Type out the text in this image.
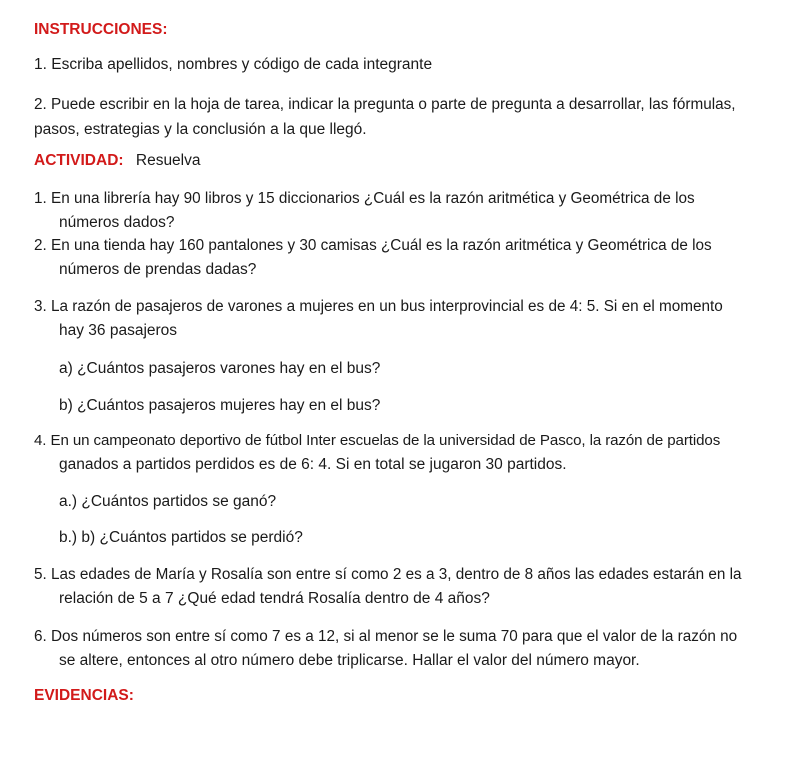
INSTRUCCIONES:
1. Escriba apellidos, nombres y código de cada integrante
2. Puede escribir en la hoja de tarea, indicar la pregunta o parte de pregunta a desarrollar, las fórmulas,
pasos, estrategias y la conclusión a la que llegó.
ACTIVIDAD: Resuelva
1. En una librería hay 90 libros y 15 diccionarios ¿Cuál es la razón aritmética y Geométrica de los
números dados?
2. En una tienda hay 160 pantalones y 30 camisas ¿Cuál es la razón aritmética y Geométrica de los
números de prendas dadas?
3. La razón de pasajeros de varones a mujeres en un bus interprovincial es de 4: 5. Si en el momento
hay 36 pasajeros
a) ¿Cuántos pasajeros varones hay en el bus?
b) ¿Cuántos pasajeros mujeres hay en el bus?
4. En un campeonato deportivo de fútbol Inter escuelas de la universidad de Pasco, la razón de partidos
ganados a partidos perdidos es de 6: 4. Si en total se jugaron 30 partidos.
a.) ¿Cuántos partidos se ganó?
b.) b) ¿Cuántos partidos se perdió?
5. Las edades de María y Rosalía son entre sí como 2 es a 3, dentro de 8 años las edades estarán en la
relación de 5 a 7 ¿Qué edad tendrá Rosalía dentro de 4 años?
6. Dos números son entre sí como 7 es a 12, si al menor se le suma 70 para que el valor de la razón no
se altere, entonces al otro número debe triplicarse. Hallar el valor del número mayor.
EVIDENCIAS:
